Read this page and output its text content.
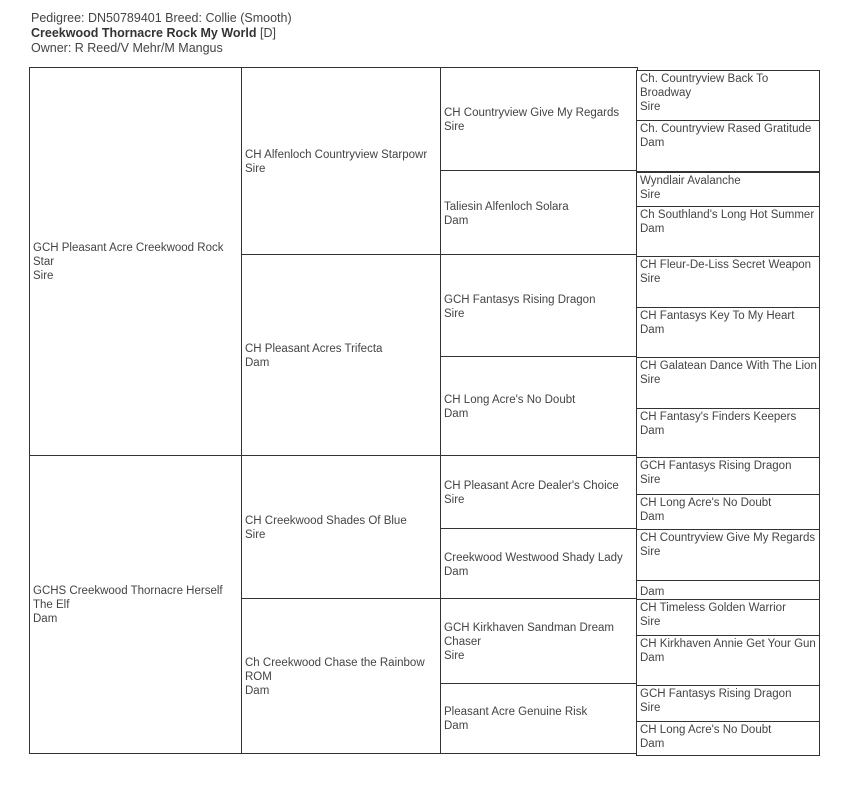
Pedigree: DN50789401 Breed: Collie (Smooth)
Creekwood Thornacre Rock My World [D]
Owner: R Reed/V Mehr/M Mangus
GCH Pleasant Acre Creekwood Rock Star
Sire
GCHS Creekwood Thornacre Herself The Elf
Dam
CH Alfenloch Countryview Starpowr
Sire
CH Pleasant Acres Trifecta
Dam
CH Creekwood Shades Of Blue
Sire
Ch Creekwood Chase the Rainbow ROM
Dam
CH Countryview Give My Regards
Sire
Taliesin Alfenloch Solara
Dam
GCH Fantasys Rising Dragon
Sire
CH Long Acre's No Doubt
Dam
CH Pleasant Acre Dealer's Choice
Sire
Creekwood Westwood Shady Lady
Dam
GCH Kirkhaven Sandman Dream Chaser
Sire
Pleasant Acre Genuine Risk
Dam
Ch. Countryview Back To Broadway
Sire
Ch. Countryview Rased Gratitude
Dam
Wyndlair Avalanche
Sire
Ch Southland's Long Hot Summer
Dam
CH Fleur-De-Liss Secret Weapon
Sire
CH Fantasys Key To My Heart
Dam
CH Galatean Dance With The Lion
Sire
CH Fantasy's Finders Keepers
Dam
GCH Fantasys Rising Dragon
Sire
CH Long Acre's No Doubt
Dam
CH Countryview Give My Regards
Sire
Dam
CH Timeless Golden Warrior
Sire
CH Kirkhaven Annie Get Your Gun
Dam
GCH Fantasys Rising Dragon
Sire
CH Long Acre's No Doubt
Dam
